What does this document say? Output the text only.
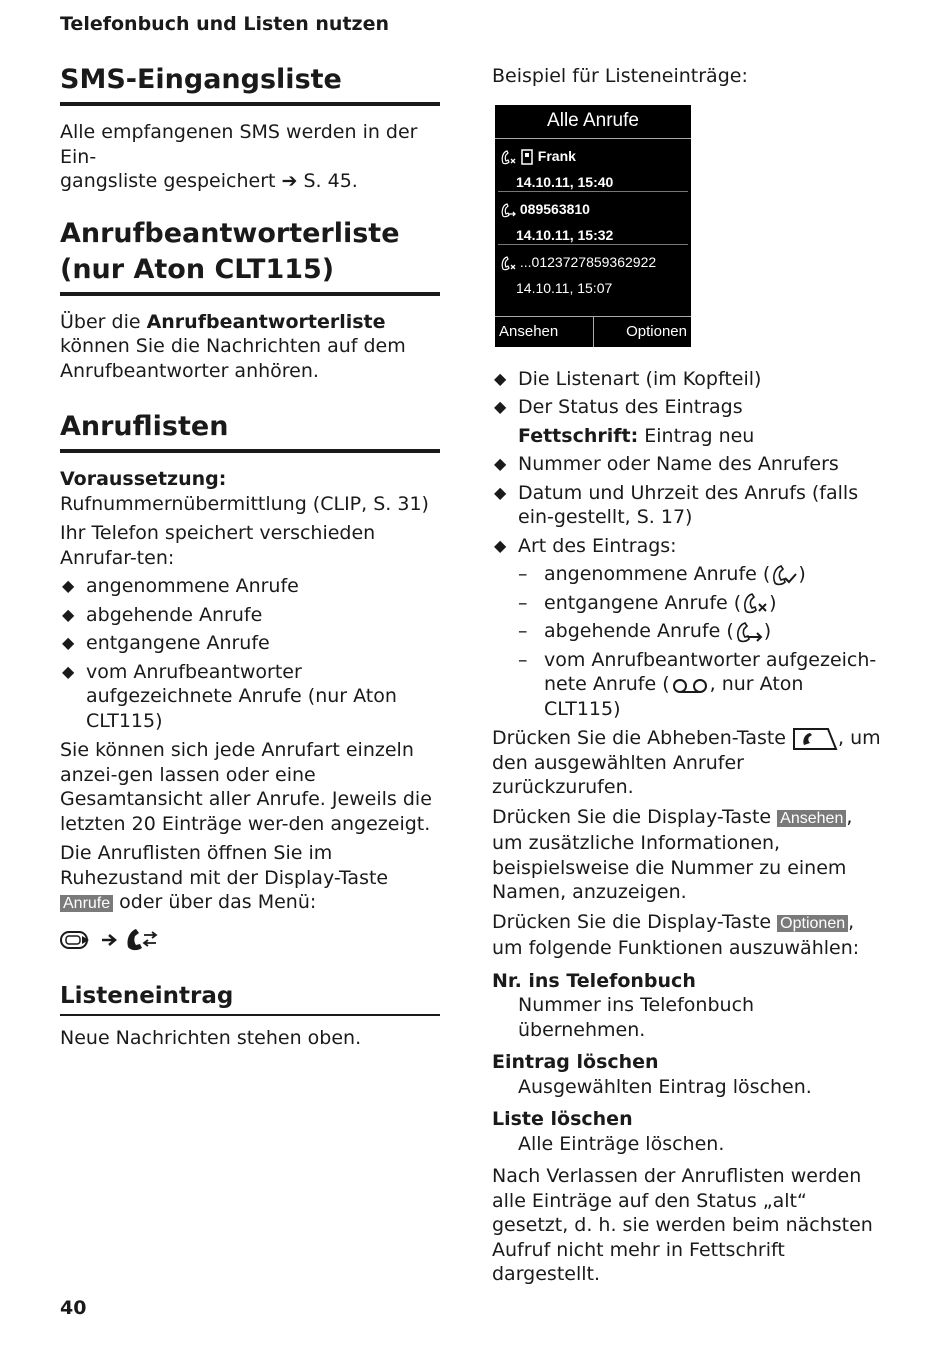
Telefonbuch und Listen nutzen
SMS-Eingangsliste

Alle empfangenen SMS werden in der Ein-
gangsliste gespeichert ➔ S. 45.

Anrufbeantworterliste
(nur Aton CLT115)

Über die Anrufbeantworterliste können Sie die Nachrichten auf dem Anrufbeantworter anhören.

Anruflisten

Voraussetzung: Rufnummernübermittlung (CLIP, S. 31)

Ihr Telefon speichert verschieden Anrufar-ten:

◆ angenommene Anrufe
◆ abgehende Anrufe
◆ entgangene Anrufe
◆ vom Anrufbeantworter aufgezeichnete Anrufe (nur Aton CLT115)

Sie können sich jede Anrufart einzeln anzei-gen lassen oder eine Gesamtansicht aller Anrufe. Jeweils die letzten 20 Einträge wer-den angezeigt.

Die Anruflisten öffnen Sie im Ruhezustand mit der Display-Taste Anrufe oder über das Menü:

Listeneintrag

Neue Nachrichten stehen oben.

Beispiel für Listeneinträge:

Alle Anrufe
Frank
14.10.11, 15:40
089563810
14.10.11, 15:32
...0123727859362922
14.10.11, 15:07
Ansehen	Optionen
◆ Die Listenart (im Kopfteil)
◆ Der Status des Eintrags

Fettschrift: Eintrag neu

◆ Nummer oder Name des Anrufers
◆ Datum und Uhrzeit des Anrufs (falls ein-gestellt, S. 17)
◆ Art des Eintrags:
– angenommene Anrufe ( )
– entgangene Anrufe ( )
– abgehende Anrufe ( )
– vom Anrufbeantworter aufgezeich-nete Anrufe ( , nur Aton CLT115)

Drücken Sie die Abheben-Taste , um den ausgewählten Anrufer zurückzurufen.

Drücken Sie die Display-Taste Ansehen , um zusätzliche Informationen, beispielsweise die Nummer zu einem Namen, anzuzeigen.

Drücken Sie die Display-Taste Optionen , um folgende Funktionen auszuwählen:

Nr. ins Telefonbuch

Nummer ins Telefonbuch übernehmen.

Eintrag löschen

Ausgewählten Eintrag löschen.

Liste löschen

Alle Einträge löschen.

Nach Verlassen der Anruflisten werden alle Einträge auf den Status „alt“ gesetzt, d. h. sie werden beim nächsten Aufruf nicht mehr in Fettschrift dargestellt.

40
